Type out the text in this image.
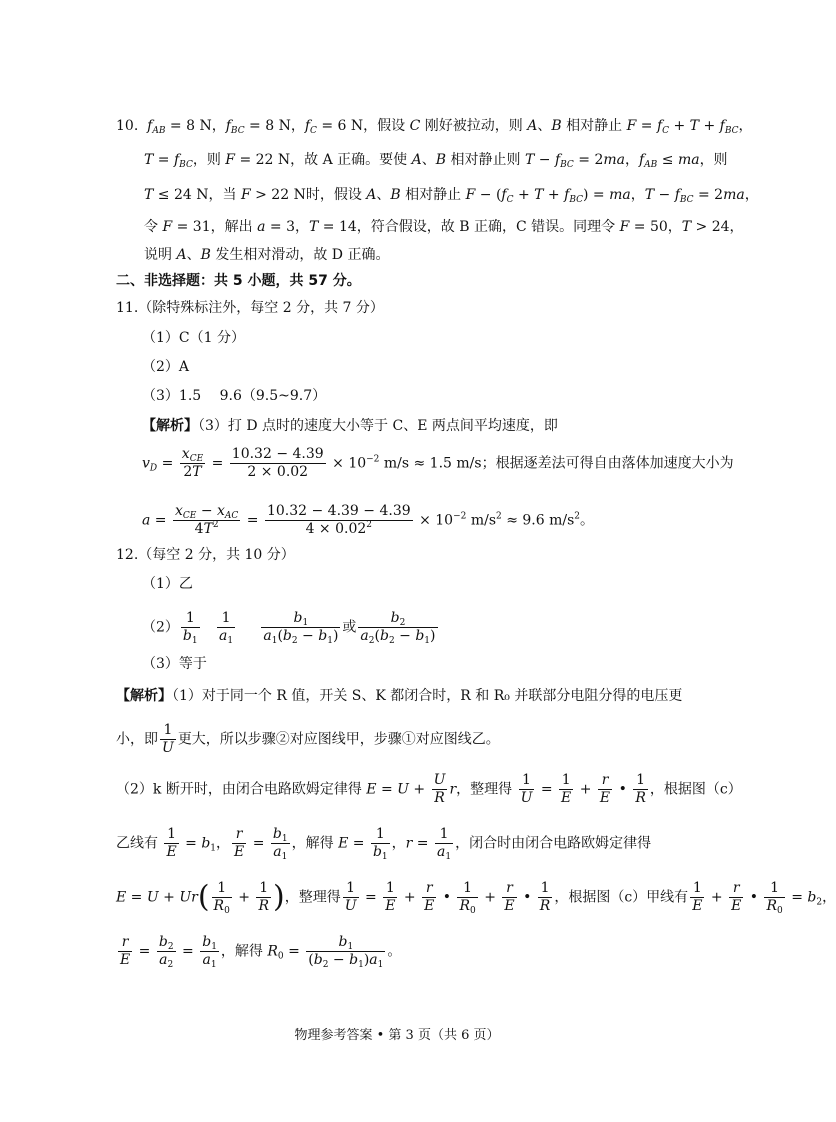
10. $f_{AB} = 8$ N，$f_{BC} = 8$ N，$f_C = 6$ N，假设 C 刚好被拉动，则 A、B 相对静止 $F = f_C + T + f_{BC}$，
$T = f_{BC}$，则 F = 22 N，故 A 正确。要使 A、B 相对静止则 $T - f_{BC} = 2ma$，$f_{AB}$ ≤ ma，则
T ≤ 24 N，当 F > 22 N时，假设 A、B 相对静止 $F - (f_C + T + f_{BC})$ = ma，$T - f_{BC} = 2ma$，
令 F = 31，解出 a = 3，T = 14，符合假设，故 B 正确，C 错误。同理令 F = 50，T > 24，
说明 A、B 发生相对滑动，故 D 正确。
二、非选择题：共 5 小题，共 57 分。
11.（除特殊标注外，每空 2 分，共 7 分）
（1）C（1 分）
（2）A
（3）1.5　 9.6（9.5~9.7）
【解析】（3）打 D 点时的速度大小等于 C、E 两点间平均速度，即
$v_D$ =
$x_{CE}$
2T
= $\frac{10.32 - 4.39}{2 \times 0.02} \times 10^{-2}$ m/s ≈ 1.5 m/s；根据逐差法可得自由落体加速度大小为
a =
$x_{CE} - x_{AC}$
$4T^2$	= $\frac{10.32 - 4.39 - 4.39}{4 \times 0.02^2} \times 10^{-2}$ $m/s^2 \approx 9.6$ $m/s^2$。
12.（每空 2 分，共 10 分）
（1）乙
$(2) \frac{1}{b_1}$
$\frac{1}{a_1}$
$\frac{b_1}{a_1(b_2 - b_1)}$ 或 $\frac{b_2}{a_2(b_2 - b_1)}$
（3）等于
【解析】（1）对于同一个 R 值，开关 S、K 都闭合时，R 和 R₀ 并联部分电阻分得的电压更
小，即 $\frac{1}{U}$ 更大，所以步骤②对应图线甲，步骤①对应图线乙。
（2）k 断开时，由闭合电路欧姆定律得 $E = U + \frac{U}{R}$ r，整理得 $\frac{1}{U} = \frac{1}{E} + \frac{r}{E}$ • $\frac{1}{R}$ ，根据图（c）
乙线有 $\frac{1}{E} = b_1$， $\frac{r}{E} = \frac{b_1}{a_1}$ ，解得 $E = \frac{1}{b_1}$ ，$r = \frac{1}{a_1}$ ，闭合时由闭合电路欧姆定律得
$E = U + Ur( \frac{1}{R_0} + \frac{1}{R}$ )，整理得 $\frac{1}{U} = \frac{1}{E} + \frac{r}{E}$ • $\frac{1}{R_0} + \frac{r}{E}$ • $\frac{1}{R}$ ，根据图（c）甲线有 $\frac{1}{E} + \frac{r}{E}$ • $\frac{1}{R_0} = b_2$，
$\frac{r}{E} = \frac{b_2}{a_2} = \frac{b_1}{a_1}$ ，解得 $R_0 = \frac{b_1}{(b_2 - b_1)a_1}$ 。
物理参考答案 • 第 3 页（共 6 页）
